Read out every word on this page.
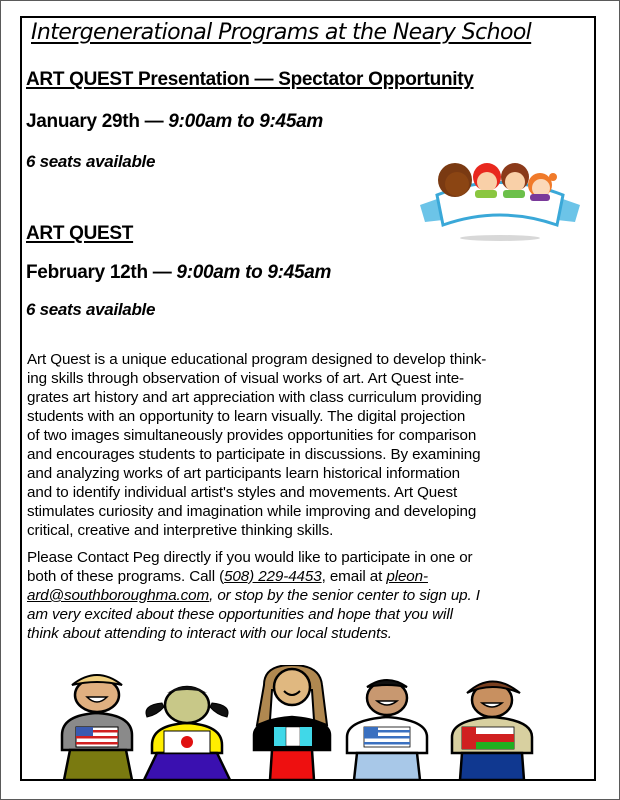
Intergenerational Programs at the Neary School
ART QUEST Presentation — Spectator Opportunity
January 29th — 9:00am to 9:45am
6 seats available
ART QUEST
February 12th — 9:00am to 9:45am
6 seats available
Art Quest is a unique educational program designed to develop think-
ing skills through observation of visual works of art. Art Quest inte-
grates art history and art appreciation with class curriculum providing
students with an opportunity to learn visually. The digital projection
of two images simultaneously provides opportunities for comparison
and encourages students to participate in discussions. By examining
and analyzing works of art participants learn historical information
and to identify individual artist's styles and movements. Art Quest
stimulates curiosity and imagination while improving and developing
critical, creative and interpretive thinking skills.
Please Contact Peg directly if you would like to participate in one or
both of these programs. Call (508) 229-4453, email at pleon-
ard@southboroughma.com, or stop by the senior center to sign up. I
am very excited about these opportunities and hope that you will
think about attending to interact with our local students.
